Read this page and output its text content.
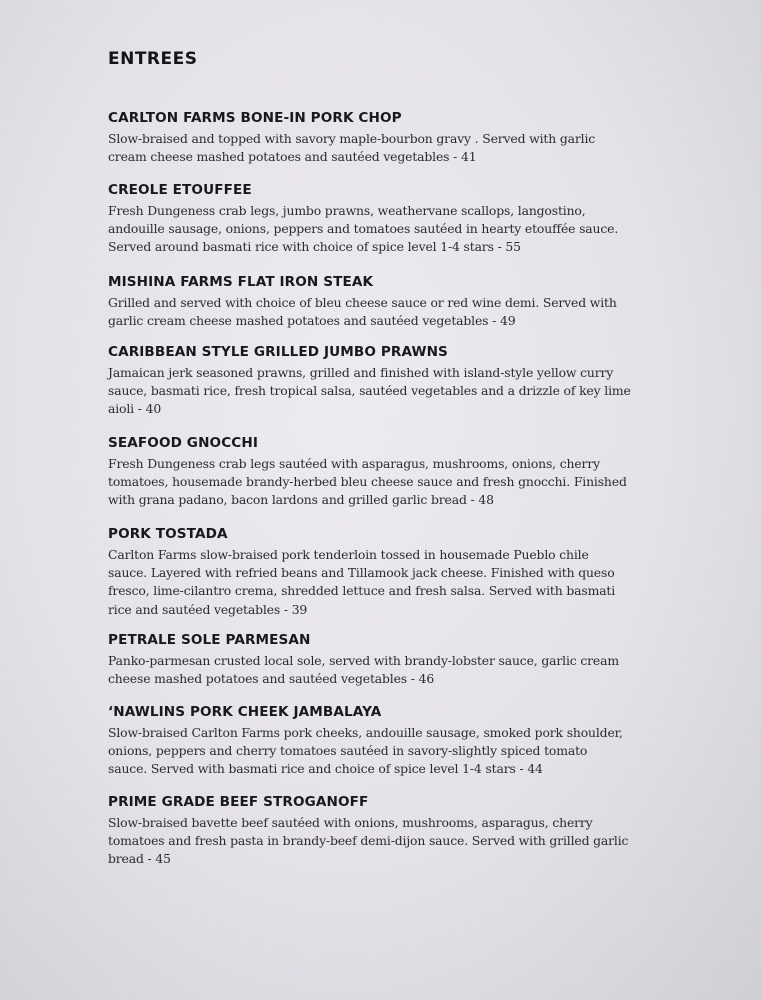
ENTREES
CARLTON FARMS BONE-IN PORK CHOP
Slow-braised and topped with savory maple-bourbon gravy . Served with garlic
cream cheese mashed potatoes and sautéed vegetables - 41
CREOLE ETOUFFEE
Fresh Dungeness crab legs, jumbo prawns, weathervane scallops, langostino,
andouille sausage, onions, peppers and tomatoes sautéed in hearty etouffée sauce.
Served around basmati rice with choice of spice level 1-4 stars - 55
MISHINA FARMS FLAT IRON STEAK
Grilled and served with choice of bleu cheese sauce or red wine demi. Served with
garlic cream cheese mashed potatoes and sautéed vegetables - 49
CARIBBEAN STYLE GRILLED JUMBO PRAWNS
Jamaican jerk seasoned prawns, grilled and finished with island-style yellow curry
sauce, basmati rice, fresh tropical salsa, sautéed vegetables and a drizzle of key lime
aioli - 40
SEAFOOD GNOCCHI
Fresh Dungeness crab legs sautéed with asparagus, mushrooms, onions, cherry
tomatoes, housemade brandy-herbed bleu cheese sauce and fresh gnocchi. Finished
with grana padano, bacon lardons and grilled garlic bread - 48
PORK TOSTADA
Carlton Farms slow-braised pork tenderloin tossed in housemade Pueblo chile
sauce. Layered with refried beans and Tillamook jack cheese. Finished with queso
fresco, lime-cilantro crema, shredded lettuce and fresh salsa. Served with basmati
rice and sautéed vegetables - 39
PETRALE SOLE PARMESAN
Panko-parmesan crusted local sole, served with brandy-lobster sauce, garlic cream
cheese mashed potatoes and sautéed vegetables - 46
‘NAWLINS PORK CHEEK JAMBALAYA
Slow-braised Carlton Farms pork cheeks, andouille sausage, smoked pork shoulder,
onions, peppers and cherry tomatoes sautéed in savory-slightly spiced tomato
sauce. Served with basmati rice and choice of spice level 1-4 stars - 44
PRIME GRADE BEEF STROGANOFF
Slow-braised bavette beef sautéed with onions, mushrooms, asparagus, cherry
tomatoes and fresh pasta in brandy-beef demi-dijon sauce. Served with grilled garlic
bread - 45
